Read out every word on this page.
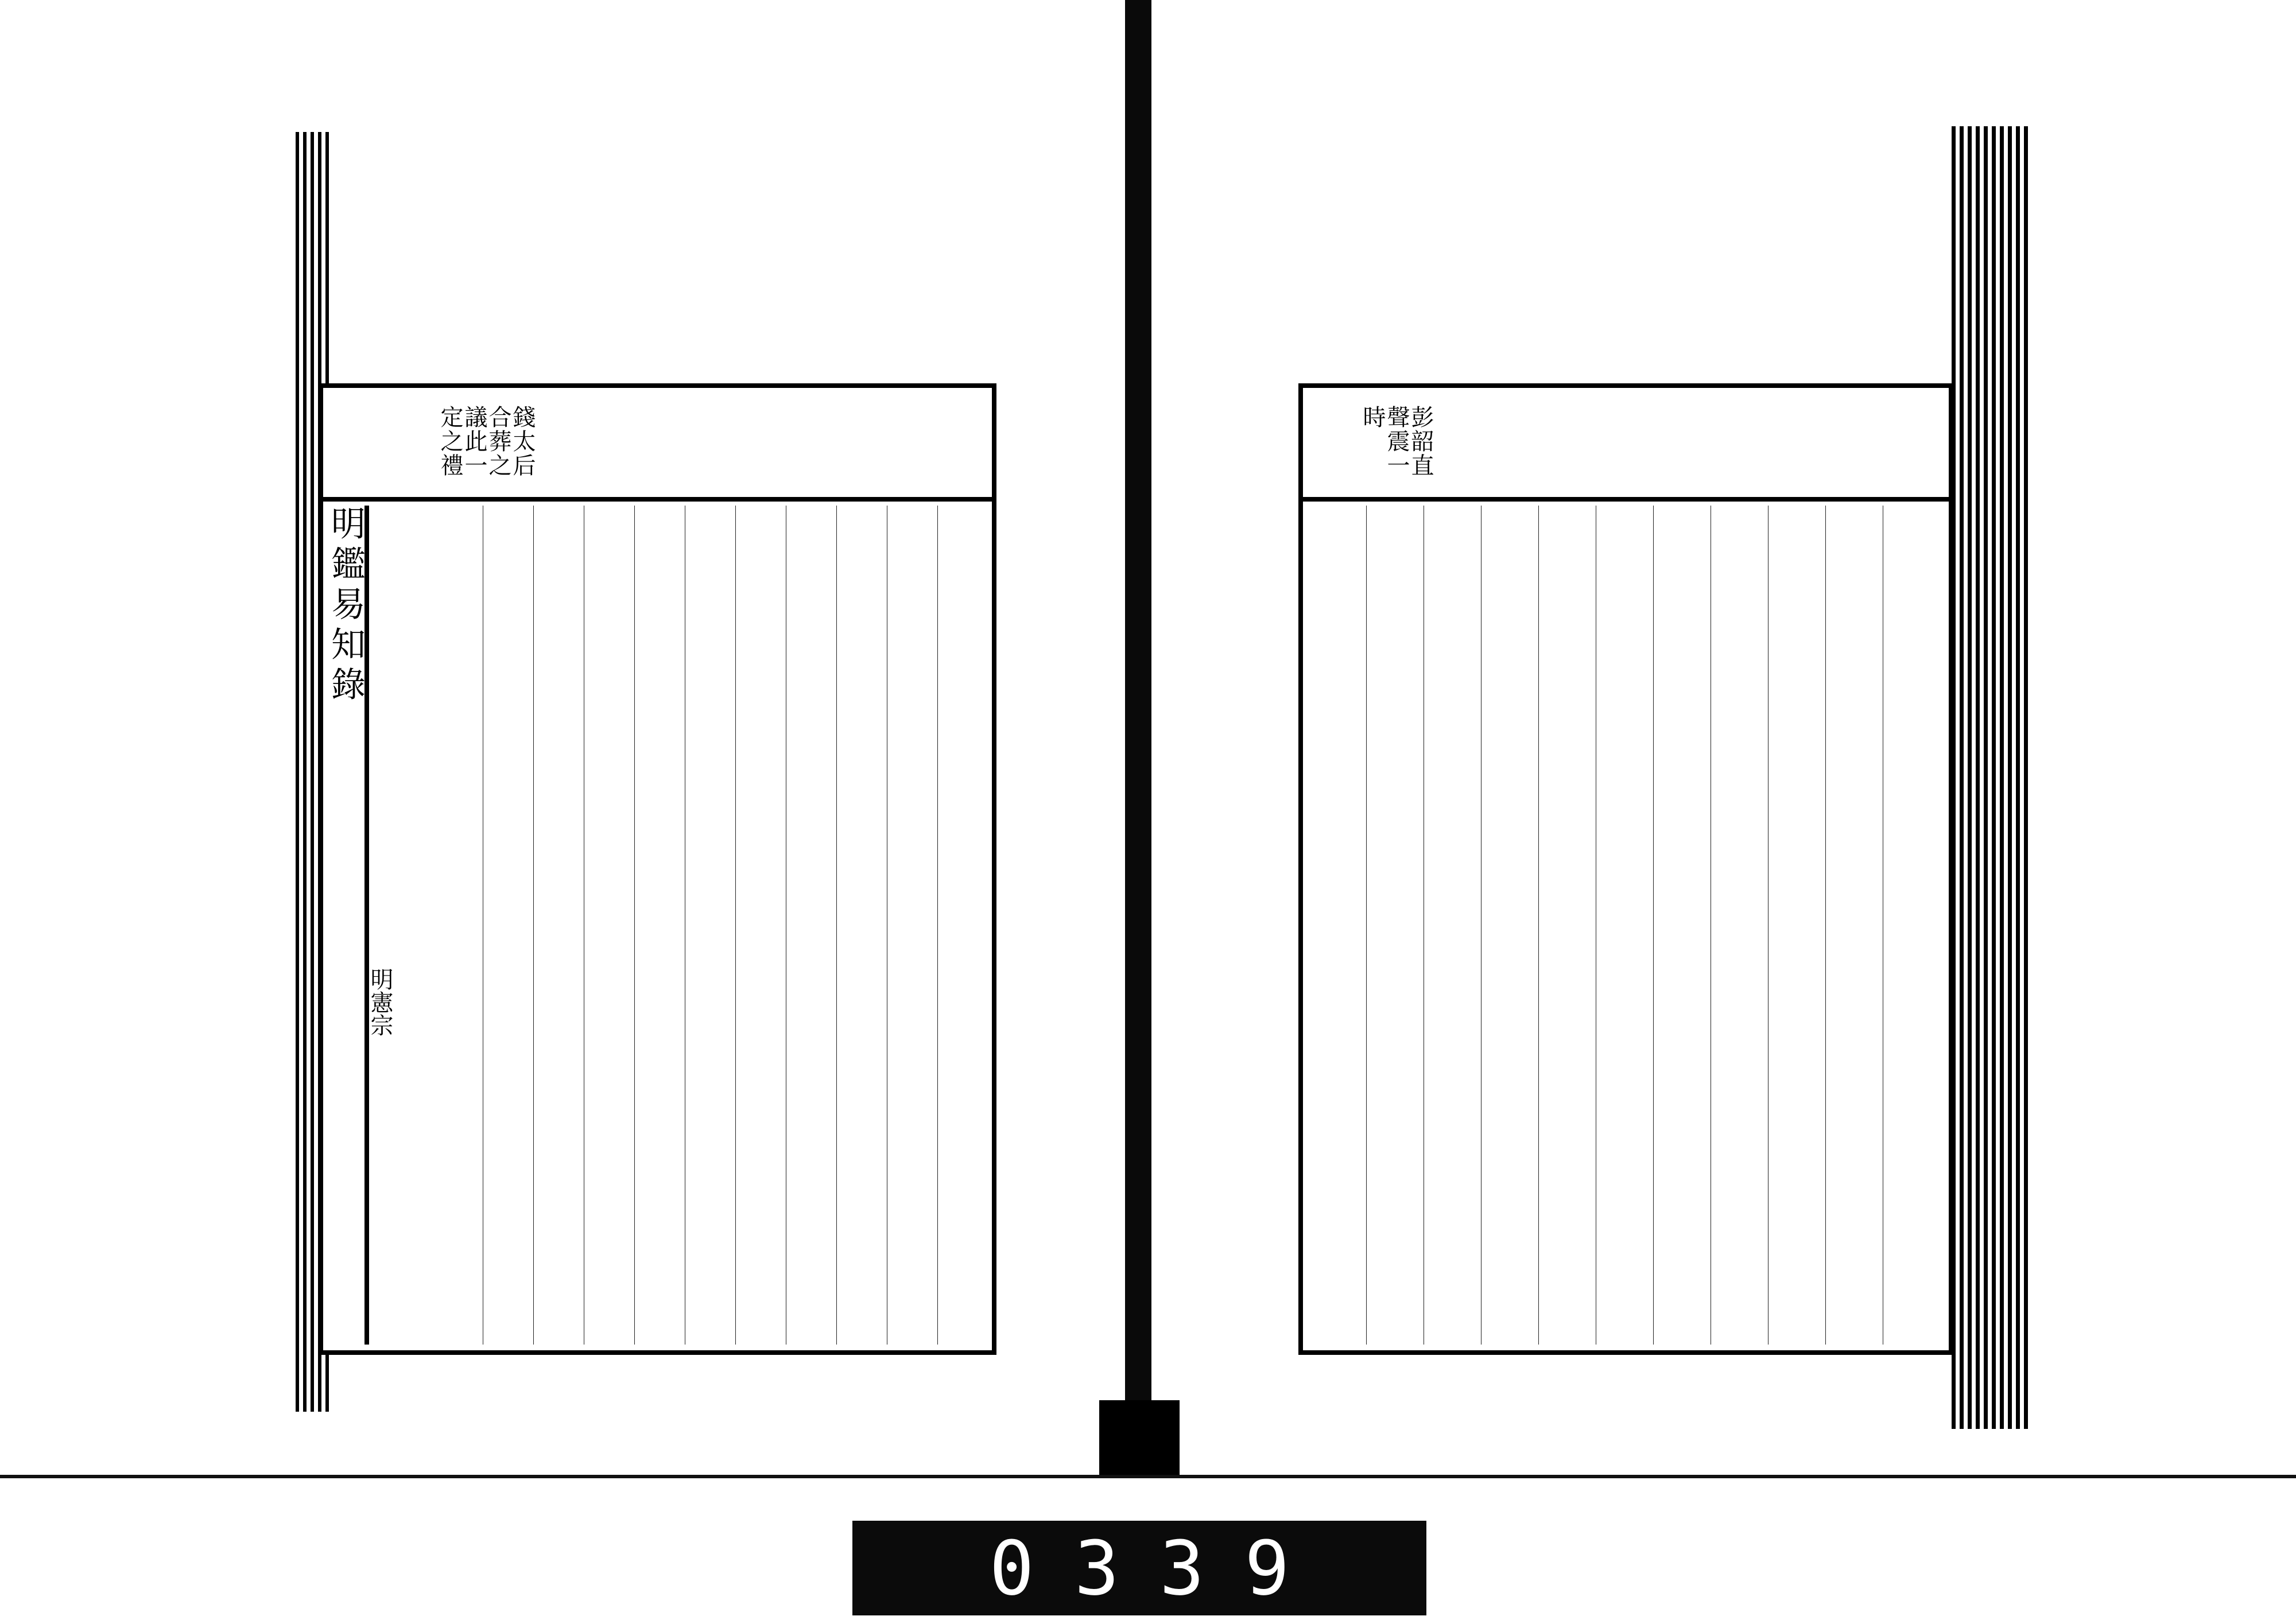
錢太后合葬之議此一定之禮
明鑑易知錄
明憲宗
彭韶直聲震一時
0339
